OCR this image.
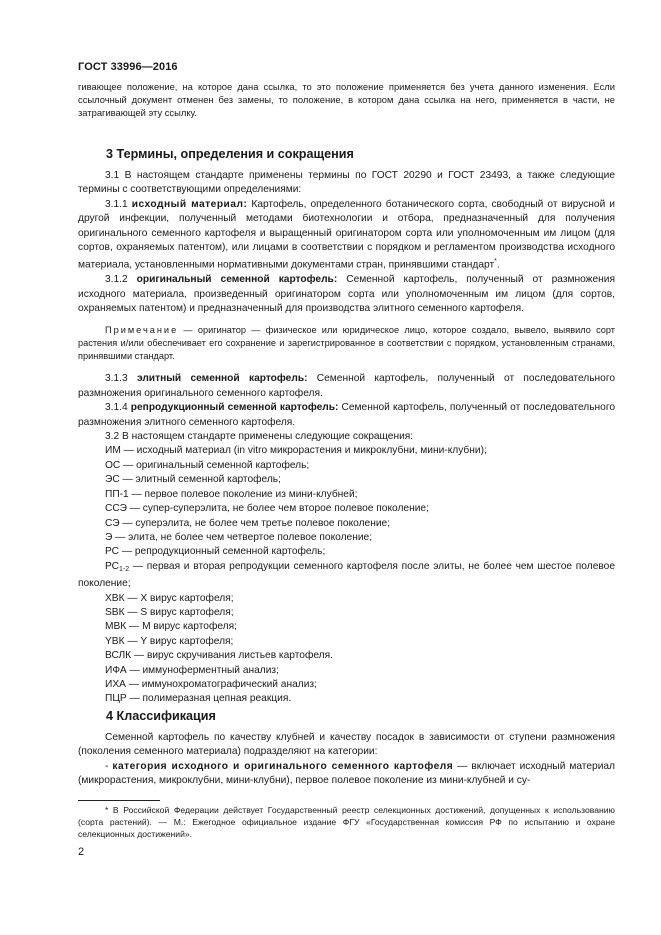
ГОСТ 33996—2016

гивающее положение, на которое дана ссылка, то это положение применяется без учета данного изменения. Если ссылочный документ отменен без замены, то положение, в котором дана ссылка на него, применяется в части, не затрагивающей эту ссылку.

3 Термины, определения и сокращения

3.1 В настоящем стандарте применены термины по ГОСТ 20290 и ГОСТ 23493, а также следующие термины с соответствующими определениями:

3.1.1 исходный материал: Картофель, определенного ботанического сорта, свободный от вирусной и другой инфекции, полученный методами биотехнологии и отбора, предназначенный для получения оригинального семенного картофеля и выращенный оригинатором сорта или уполномоченным им лицом (для сортов, охраняемых патентом), или лицами в соответствии с порядком и регламентом производства исходного материала, установленными нормативными документами стран, принявшими стандарт*.

3.1.2 оригинальный семенной картофель: Семенной картофель, полученный от размножения исходного материала, произведенный оригинатором сорта или уполномоченным им лицом (для сортов, охраняемых патентом) и предназначенный для производства элитного семенного картофеля.

Примечание — оригинатор — физическое или юридическое лицо, которое создало, вывело, выявило сорт растения и/или обеспечивает его сохранение и зарегистрированное в соответствии с порядком, установленным странами, принявшими стандарт.

3.1.3 элитный семенной картофель: Семенной картофель, полученный от последовательного размножения оригинального семенного картофеля.

3.1.4 репродукционный семенной картофель: Семенной картофель, полученный от последовательного размножения элитного семенного картофеля.

3.2 В настоящем стандарте применены следующие сокращения:

ИМ — исходный материал (in vitro микрорастения и микроклубни, мини-клубни);

ОС — оригинальный семенной картофель;

ЭС — элитный семенной картофель;

ПП-1 — первое полевое поколение из мини-клубней;

ССЭ — супер-суперэлита, не более чем второе полевое поколение;

СЭ — суперэлита, не более чем третье полевое поколение;

Э — элита, не более чем четвертое полевое поколение;

РС — репродукционный семенной картофель;

$РС_{1-2}$ — первая и вторая репродукции семенного картофеля после элиты, не более чем шестое полевое поколение;

ХВК — X вирус картофеля;

SВК — S вирус картофеля;

МВК — М вирус картофеля;

YВК — Y вирус картофеля;

ВСЛК — вирус скручивания листьев картофеля.

ИФА — иммуноферментный анализ;

ИХА — иммунохроматографический анализ;

ПЦР — полимеразная цепная реакция.

4 Классификация

Семенной картофель по качеству клубней и качеству посадок в зависимости от ступени размножения (поколения семенного материала) подразделяют на категории:

- категория исходного и оригинального семенного картофеля — включает исходный материал (микрорастения, микроклубни, мини-клубни), первое полевое поколение из мини-клубней и су-

* В Российской Федерации действует Государственный реестр селекционных достижений, допущенных к использованию (сорта растений). — М.: Ежегодное официальное издание ФГУ «Государственная комиссия РФ по испытанию и охране селекционных достижений».

2
